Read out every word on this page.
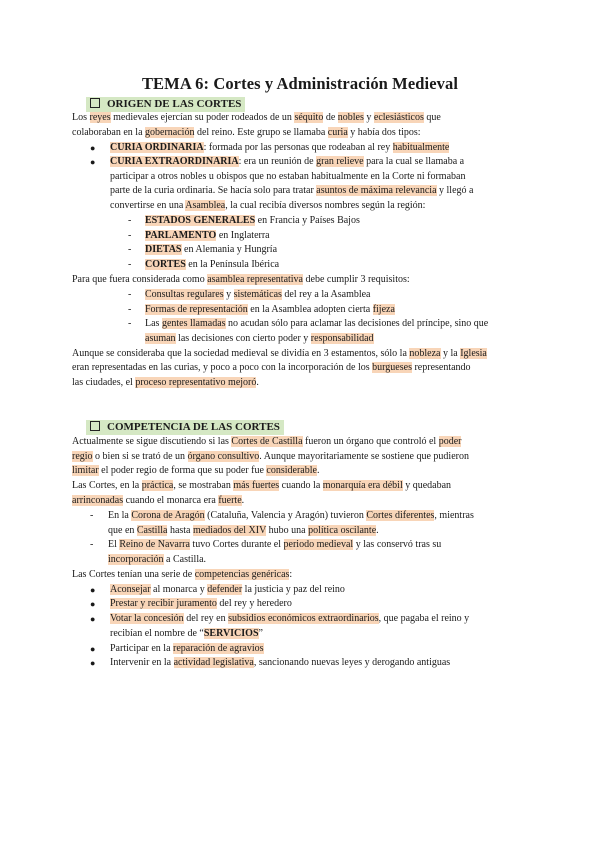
TEMA 6: Cortes y Administración Medieval
ORIGEN DE LAS CORTES
Los reyes medievales ejercían su poder rodeados de un séquito de nobles y eclesiásticos que
colaboraban en la gobernación del reino. Este grupo se llamaba curia y había dos tipos:
● CURIA ORDINARIA: formada por las personas que rodeaban al rey habitualmente
● CURIA EXTRAORDINARIA: era un reunión de gran relieve para la cual se llamaba a
participar a otros nobles u obispos que no estaban habitualmente en la Corte ni formaban
parte de la curia ordinaria. Se hacía solo para tratar asuntos de máxima relevancia y llegó a
convertirse en una Asamblea, la cual recibía diversos nombres según la región:
- ESTADOS GENERALES en Francia y Países Bajos
- PARLAMENTO en Inglaterra
- DIETAS en Alemania y Hungría
- CORTES en la Península Ibérica
Para que fuera considerada como asamblea representativa debe cumplir 3 requisitos:
- Consultas regulares y sistemáticas del rey a la Asamblea
- Formas de representación en la Asamblea adopten cierta fijeza
- Las gentes llamadas no acudan sólo para aclamar las decisiones del príncipe, sino que
asuman las decisiones con cierto poder y responsabilidad
Aunque se consideraba que la sociedad medieval se dividía en 3 estamentos, sólo la nobleza y la Iglesia
eran representadas en las curias, y poco a poco con la incorporación de los burgueses representando
las ciudades, el proceso representativo mejoró.
COMPETENCIA DE LAS CORTES
Actualmente se sigue discutiendo si las Cortes de Castilla fueron un órgano que controló el poder
regio o bien si se trató de un órgano consultivo. Aunque mayoritariamente se sostiene que pudieron
limitar el poder regio de forma que su poder fue considerable.
Las Cortes, en la práctica, se mostraban más fuertes cuando la monarquía era débil y quedaban
arrinconadas cuando el monarca era fuerte.
- En la Corona de Aragón (Cataluña, Valencia y Aragón) tuvieron Cortes diferentes, mientras
que en Castilla hasta mediados del XIV hubo una política oscilante.
- El Reino de Navarra tuvo Cortes durante el periodo medieval y las conservó tras su
incorporación a Castilla.
Las Cortes tenían una serie de competencias genéricas:
● Aconsejar al monarca y defender la justicia y paz del reino
● Prestar y recibir juramento del rey y heredero
● Votar la concesión del rey en subsidios económicos extraordinarios, que pagaba el reino y
recibían el nombre de “SERVICIOS”
● Participar en la reparación de agravios
● Intervenir en la actividad legislativa, sancionando nuevas leyes y derogando antiguas
